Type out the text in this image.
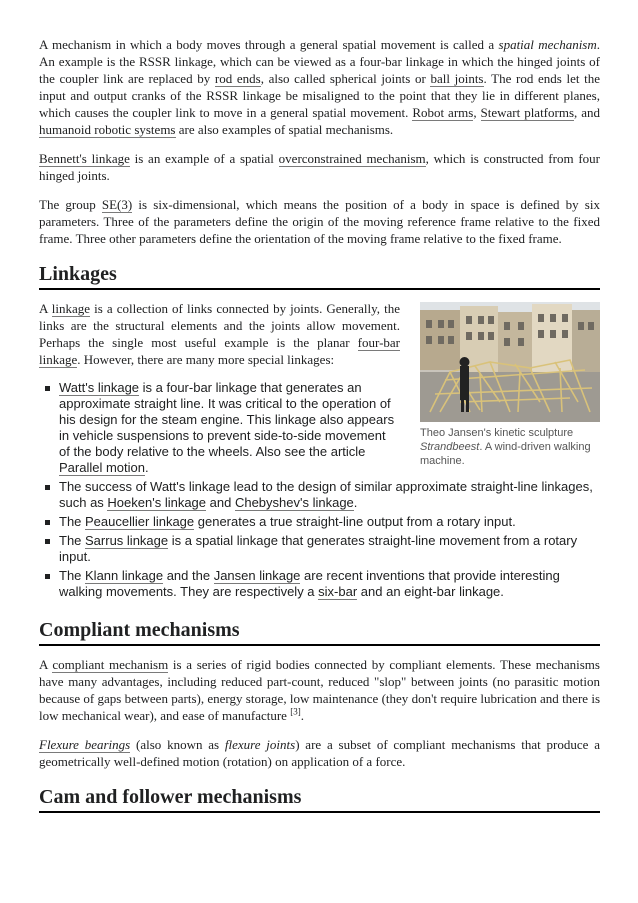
A mechanism in which a body moves through a general spatial movement is called a spatial mechanism. An example is the RSSR linkage, which can be viewed as a four-bar linkage in which the hinged joints of the coupler link are replaced by rod ends, also called spherical joints or ball joints. The rod ends let the input and output cranks of the RSSR linkage be misaligned to the point that they lie in different planes, which causes the coupler link to move in a general spatial movement. Robot arms, Stewart platforms, and humanoid robotic systems are also examples of spatial mechanisms.

Bennett's linkage is an example of a spatial overconstrained mechanism, which is constructed from four hinged joints.

The group SE(3) is six-dimensional, which means the position of a body in space is defined by six parameters. Three of the parameters define the origin of the moving reference frame relative to the fixed frame. Three other parameters define the orientation of the moving frame relative to the fixed frame.

Linkages
Theo Jansen's kinetic sculpture Strandbeest. A wind-driven walking machine.

A linkage is a collection of links connected by joints. Generally, the links are the structural elements and the joints allow movement. Perhaps the single most useful example is the planar four-bar linkage. However, there are many more special linkages:

Watt's linkage is a four-bar linkage that generates an approximate straight line. It was critical to the operation of his design for the steam engine. This linkage also appears in vehicle suspensions to prevent side-to-side movement of the body relative to the wheels. Also see the article Parallel motion.
The success of Watt's linkage lead to the design of similar approximate straight-line linkages, such as Hoeken's linkage and Chebyshev's linkage.
The Peaucellier linkage generates a true straight-line output from a rotary input.
The Sarrus linkage is a spatial linkage that generates straight-line movement from a rotary input.
The Klann linkage and the Jansen linkage are recent inventions that provide interesting walking movements. They are respectively a six-bar and an eight-bar linkage.
Compliant mechanisms

A compliant mechanism is a series of rigid bodies connected by compliant elements. These mechanisms have many advantages, including reduced part-count, reduced "slop" between joints (no parasitic motion because of gaps between parts), energy storage, low maintenance (they don't require lubrication and there is low mechanical wear), and ease of manufacture [3].

Flexure bearings (also known as flexure joints) are a subset of compliant mechanisms that produce a geometrically well-defined motion (rotation) on application of a force.

Cam and follower mechanisms
